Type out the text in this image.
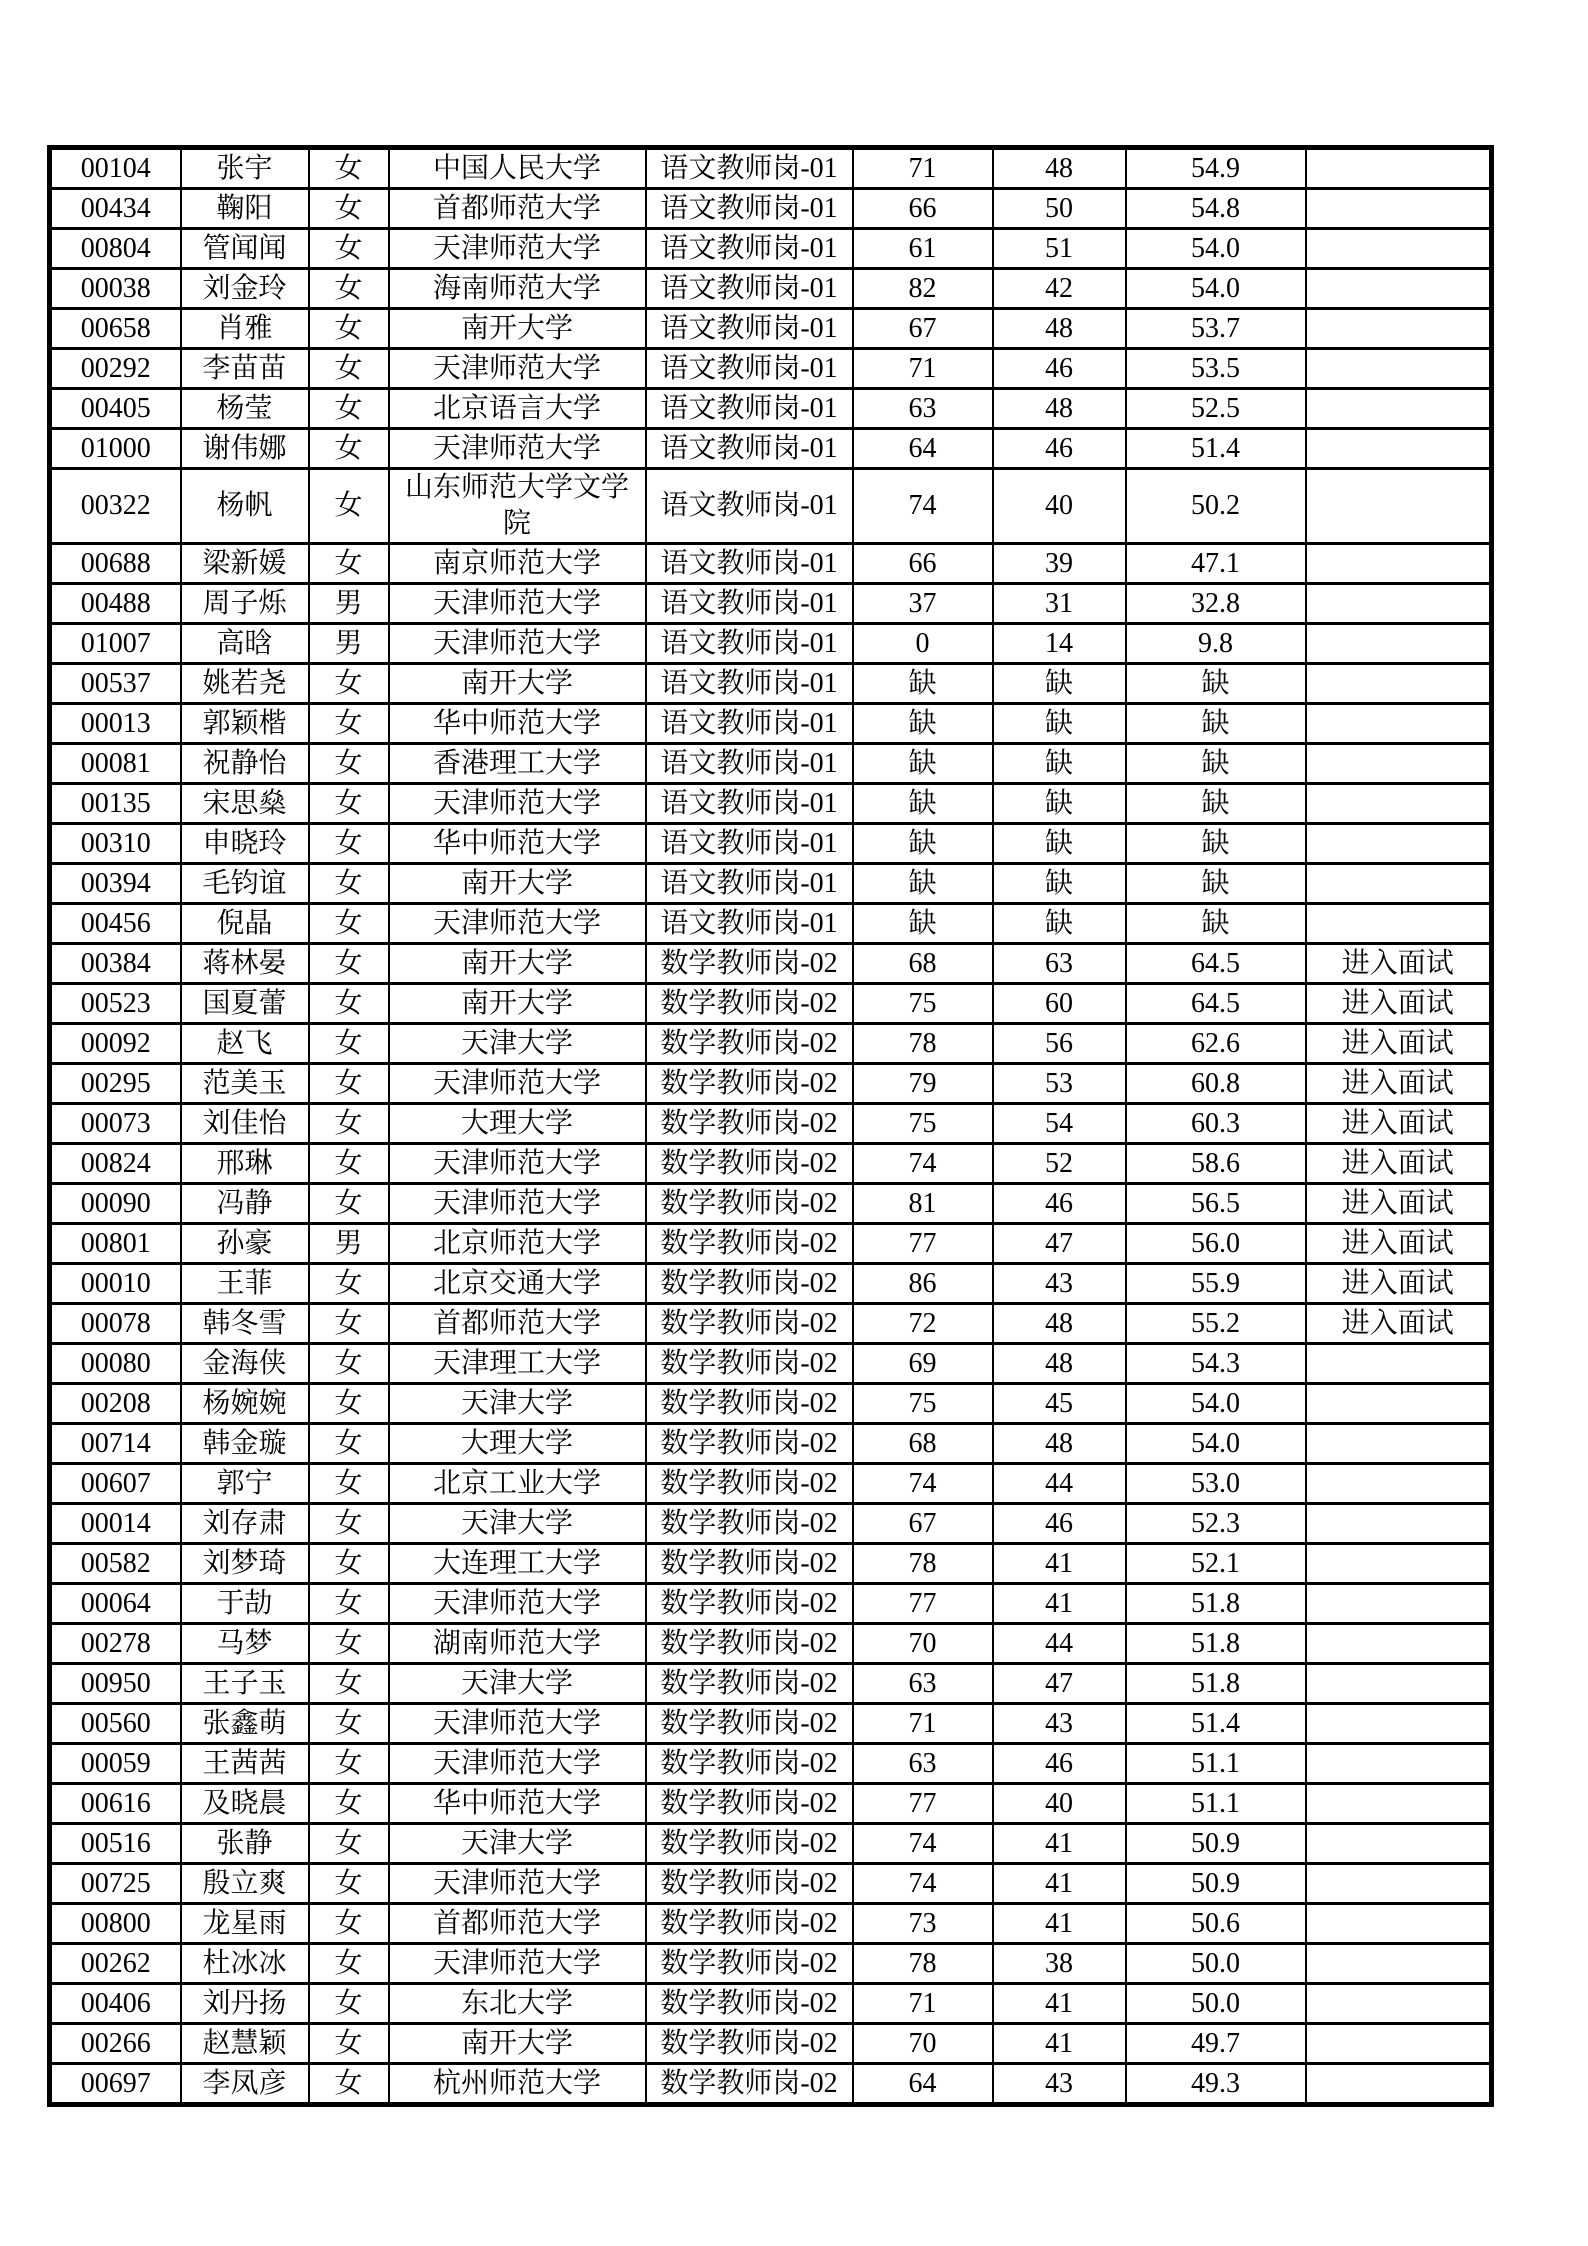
00104	张宇	女	中国人民大学	语文教师岗-01	71	48	54.9	
00434	鞠阳	女	首都师范大学	语文教师岗-01	66	50	54.8	
00804	管闻闻	女	天津师范大学	语文教师岗-01	61	51	54.0	
00038	刘金玲	女	海南师范大学	语文教师岗-01	82	42	54.0	
00658	肖雅	女	南开大学	语文教师岗-01	67	48	53.7	
00292	李苗苗	女	天津师范大学	语文教师岗-01	71	46	53.5	
00405	杨莹	女	北京语言大学	语文教师岗-01	63	48	52.5	
01000	谢伟娜	女	天津师范大学	语文教师岗-01	64	46	51.4	
00322	杨帆	女	山东师范大学文学院	语文教师岗-01	74	40	50.2	
00688	梁新媛	女	南京师范大学	语文教师岗-01	66	39	47.1	
00488	周子烁	男	天津师范大学	语文教师岗-01	37	31	32.8	
01007	高晗	男	天津师范大学	语文教师岗-01	0	14	9.8	
00537	姚若尧	女	南开大学	语文教师岗-01	缺	缺	缺	
00013	郭颖楷	女	华中师范大学	语文教师岗-01	缺	缺	缺	
00081	祝静怡	女	香港理工大学	语文教师岗-01	缺	缺	缺	
00135	宋思燊	女	天津师范大学	语文教师岗-01	缺	缺	缺	
00310	申晓玲	女	华中师范大学	语文教师岗-01	缺	缺	缺	
00394	毛钧谊	女	南开大学	语文教师岗-01	缺	缺	缺	
00456	倪晶	女	天津师范大学	语文教师岗-01	缺	缺	缺	
00384	蒋林晏	女	南开大学	数学教师岗-02	68	63	64.5	进入面试
00523	国夏蕾	女	南开大学	数学教师岗-02	75	60	64.5	进入面试
00092	赵飞	女	天津大学	数学教师岗-02	78	56	62.6	进入面试
00295	范美玉	女	天津师范大学	数学教师岗-02	79	53	60.8	进入面试
00073	刘佳怡	女	大理大学	数学教师岗-02	75	54	60.3	进入面试
00824	邢琳	女	天津师范大学	数学教师岗-02	74	52	58.6	进入面试
00090	冯静	女	天津师范大学	数学教师岗-02	81	46	56.5	进入面试
00801	孙豪	男	北京师范大学	数学教师岗-02	77	47	56.0	进入面试
00010	王菲	女	北京交通大学	数学教师岗-02	86	43	55.9	进入面试
00078	韩冬雪	女	首都师范大学	数学教师岗-02	72	48	55.2	进入面试
00080	金海侠	女	天津理工大学	数学教师岗-02	69	48	54.3	
00208	杨婉婉	女	天津大学	数学教师岗-02	75	45	54.0	
00714	韩金璇	女	大理大学	数学教师岗-02	68	48	54.0	
00607	郭宁	女	北京工业大学	数学教师岗-02	74	44	53.0	
00014	刘存肃	女	天津大学	数学教师岗-02	67	46	52.3	
00582	刘梦琦	女	大连理工大学	数学教师岗-02	78	41	52.1	
00064	于劼	女	天津师范大学	数学教师岗-02	77	41	51.8	
00278	马梦	女	湖南师范大学	数学教师岗-02	70	44	51.8	
00950	王子玉	女	天津大学	数学教师岗-02	63	47	51.8	
00560	张鑫萌	女	天津师范大学	数学教师岗-02	71	43	51.4	
00059	王茜茜	女	天津师范大学	数学教师岗-02	63	46	51.1	
00616	及晓晨	女	华中师范大学	数学教师岗-02	77	40	51.1	
00516	张静	女	天津大学	数学教师岗-02	74	41	50.9	
00725	殷立爽	女	天津师范大学	数学教师岗-02	74	41	50.9	
00800	龙星雨	女	首都师范大学	数学教师岗-02	73	41	50.6	
00262	杜冰冰	女	天津师范大学	数学教师岗-02	78	38	50.0	
00406	刘丹扬	女	东北大学	数学教师岗-02	71	41	50.0	
00266	赵慧颖	女	南开大学	数学教师岗-02	70	41	49.7	
00697	李凤彦	女	杭州师范大学	数学教师岗-02	64	43	49.3	
